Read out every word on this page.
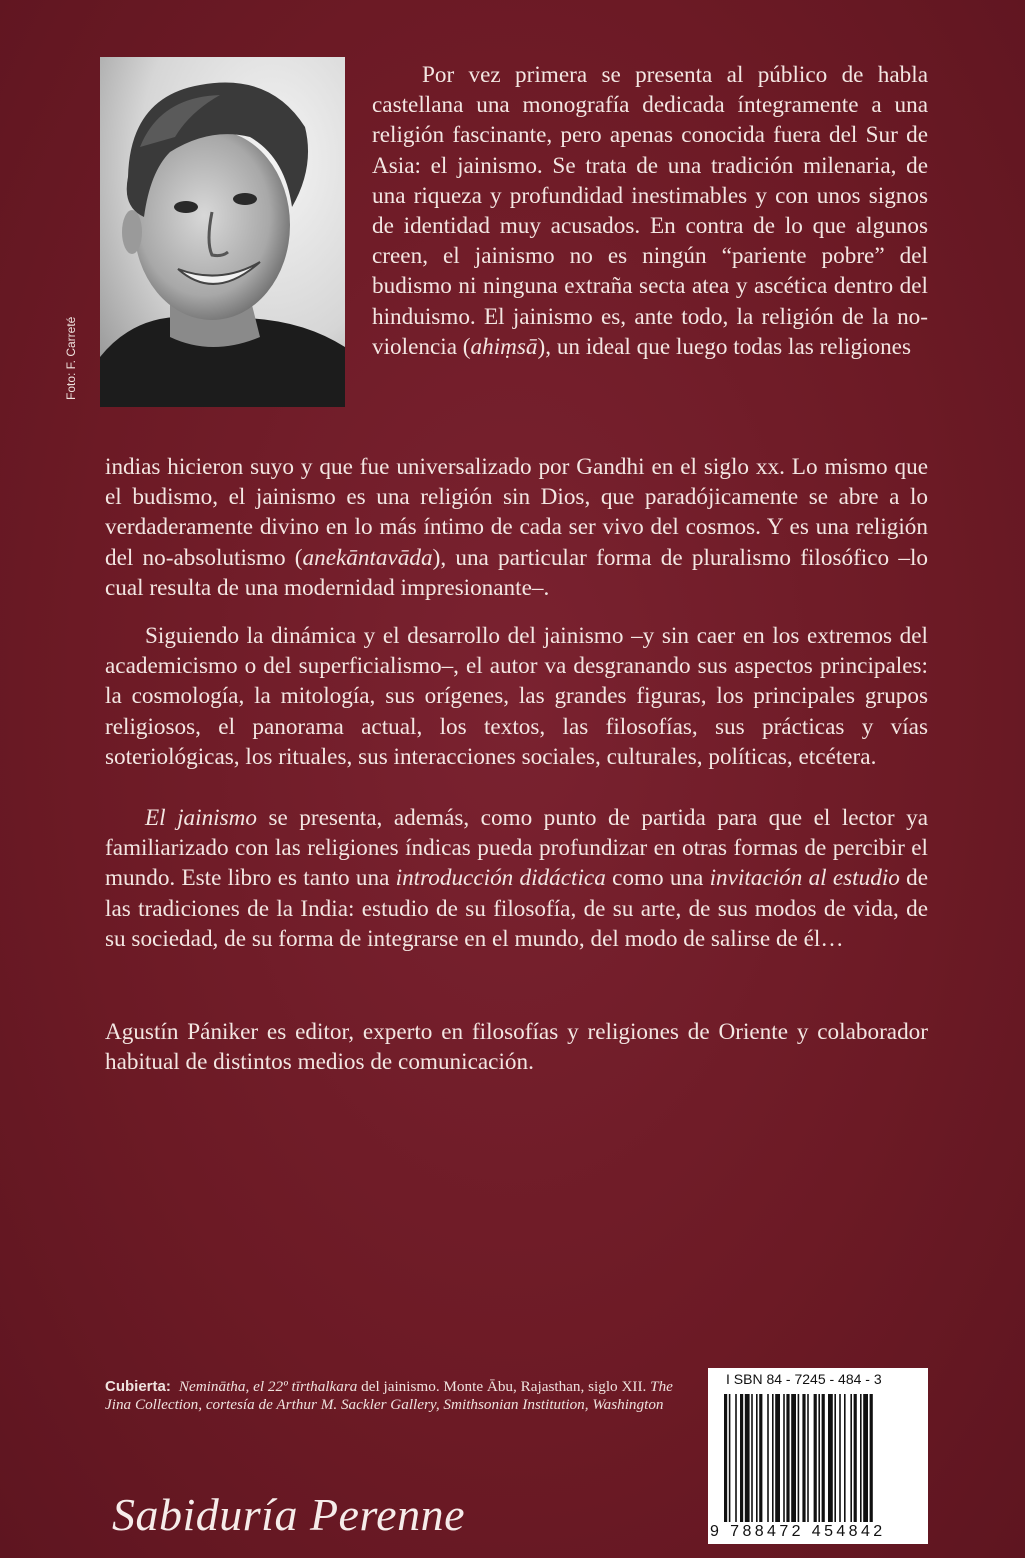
Foto: F. Carreté

Por vez primera se presenta al público de habla castellana una monografía dedicada íntegramente a una religión fascinante, pero apenas conocida fuera del Sur de Asia: el jainismo. Se trata de una tradición milenaria, de una riqueza y profundidad inestimables y con unos signos de identidad muy acusados. En contra de lo que algunos creen, el jainismo no es ningún “pariente pobre” del budismo ni ninguna extraña secta atea y ascética dentro del hinduismo. El jainismo es, ante todo, la religión de la no-violencia (ahiṃsā), un ideal que luego todas las religiones

indias hicieron suyo y que fue universalizado por Gandhi en el siglo xx. Lo mismo que el budismo, el jainismo es una religión sin Dios, que paradójicamente se abre a lo verdaderamente divino en lo más íntimo de cada ser vivo del cosmos. Y es una religión del no-absolutismo (anekāntavāda), una particular forma de pluralismo filosófico –lo cual resulta de una modernidad impresionante–.

Siguiendo la dinámica y el desarrollo del jainismo –y sin caer en los extremos del academicismo o del superficialismo–, el autor va desgranando sus aspectos principales: la cosmología, la mitología, sus orígenes, las grandes figuras, los principales grupos religiosos, el panorama actual, los textos, las filosofías, sus prácticas y vías soteriológicas, los rituales, sus interacciones sociales, culturales, políticas, etcétera.

El jainismo se presenta, además, como punto de partida para que el lector ya familiarizado con las religiones índicas pueda profundizar en otras formas de percibir el mundo. Este libro es tanto una introducción didáctica como una invitación al estudio de las tradiciones de la India: estudio de su filosofía, de su arte, de sus modos de vida, de su sociedad, de su forma de integrarse en el mundo, del modo de salirse de él…

Agustín Pániker es editor, experto en filosofías y religiones de Oriente y colaborador habitual de distintos medios de comunicación.

Cubierta: Nemināthа, el 22º tīrthalkara del jainismo. Monte Ābu, Rajasthan, siglo XII. The Jina Collection, cortesía de Arthur M. Sackler Gallery, Smithsonian Institution, Washington
Sabiduría Perenne
I SBN 84 - 7245 - 484 - 3
9 788472 454842
